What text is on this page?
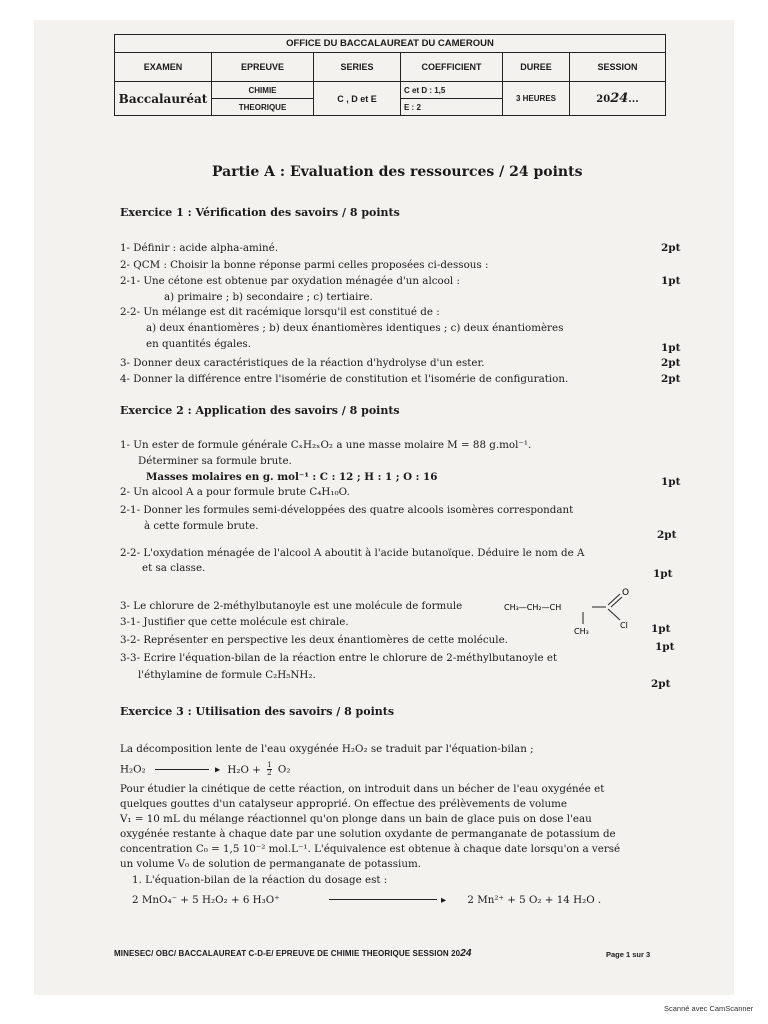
OFFICE DU BACCALAUREAT DU CAMEROUN					
EXAMEN	EPREUVE	SERIES	COEFFICIENT	DUREE	SESSION
Baccalauréat	CHIMIE	C , D et E	C et D : 1,5	3 HEURES	2024...
	THEORIQUE		E : 2		
Partie A : Evaluation des ressources / 24 points
Exercice 1 : Vérification des savoirs / 8 points
1- Définir : acide alpha-aminé.	2pt
2- QCM : Choisir la bonne réponse parmi celles proposées ci-dessous :
2-1- Une cétone est obtenue par oxydation ménagée d'un alcool :	1pt
a) primaire ; b) secondaire ; c) tertiaire.
2-2- Un mélange est dit racémique lorsqu'il est constitué de :
a) deux énantiomères ; b) deux énantiomères identiques ; c) deux énantiomères
en quantités égales.	1pt
3- Donner deux caractéristiques de la réaction d'hydrolyse d'un ester.	2pt
4- Donner la différence entre l'isomérie de constitution et l'isomérie de configuration.	2pt
Exercice 2 : Application des savoirs / 8 points
1- Un ester de formule générale CₓH₂ₓO₂ a une masse molaire M = 88 g.mol⁻¹.
Déterminer sa formule brute.
Masses molaires en g. mol⁻¹ : C : 12 ; H : 1 ; O : 16	1pt
2- Un alcool A a pour formule brute C₄H₁₀O.
2-1- Donner les formules semi-développées des quatre alcools isomères correspondant
à cette formule brute.
2pt
2-2- L'oxydation ménagée de l'alcool A aboutit à l'acide butanoïque. Déduire le nom de A
et sa classe.	1pt
3- Le chlorure de 2-méthylbutanoyle est une molécule de formule	CH₃—CH₂—CH
CH₃
O
Cl
3-1- Justifier que cette molécule est chirale.
1pt
3-2- Représenter en perspective les deux énantiomères de cette molécule.
1pt
3-3- Ecrire l'équation-bilan de la réaction entre le chlorure de 2-méthylbutanoyle et
l'éthylamine de formule C₂H₅NH₂.
2pt
Exercice 3 : Utilisation des savoirs / 8 points
La décomposition lente de l'eau oxygénée H₂O₂ se traduit par l'équation-bilan ;
H₂O₂	▸ $H_2O + \frac{1}{2} O_2$
Pour étudier la cinétique de cette réaction, on introduit dans un bécher de l'eau oxygénée et
quelques gouttes d'un catalyseur approprié. On effectue des prélèvements de volume
V₁ = 10 mL du mélange réactionnel qu'on plonge dans un bain de glace puis on dose l'eau
oxygénée restante à chaque date par une solution oxydante de permanganate de potassium de
concentration C₀ = 1,5 10⁻² mol.L⁻¹. L'équivalence est obtenue à chaque date lorsqu'on a versé
un volume V₀ de solution de permanganate de potassium.
1. L'équation-bilan de la réaction du dosage est :
2 MnO₄⁻ + 5 H₂O₂ + 6 H₃O⁺	▸ 2 Mn²⁺ + 5 O₂ + 14 H₂O .
MINESEC/ OBC/ BACCALAUREAT C-D-E/ EPREUVE DE CHIMIE THEORIQUE SESSION 2024	Page 1 sur 3
Scanné avec CamScanner
